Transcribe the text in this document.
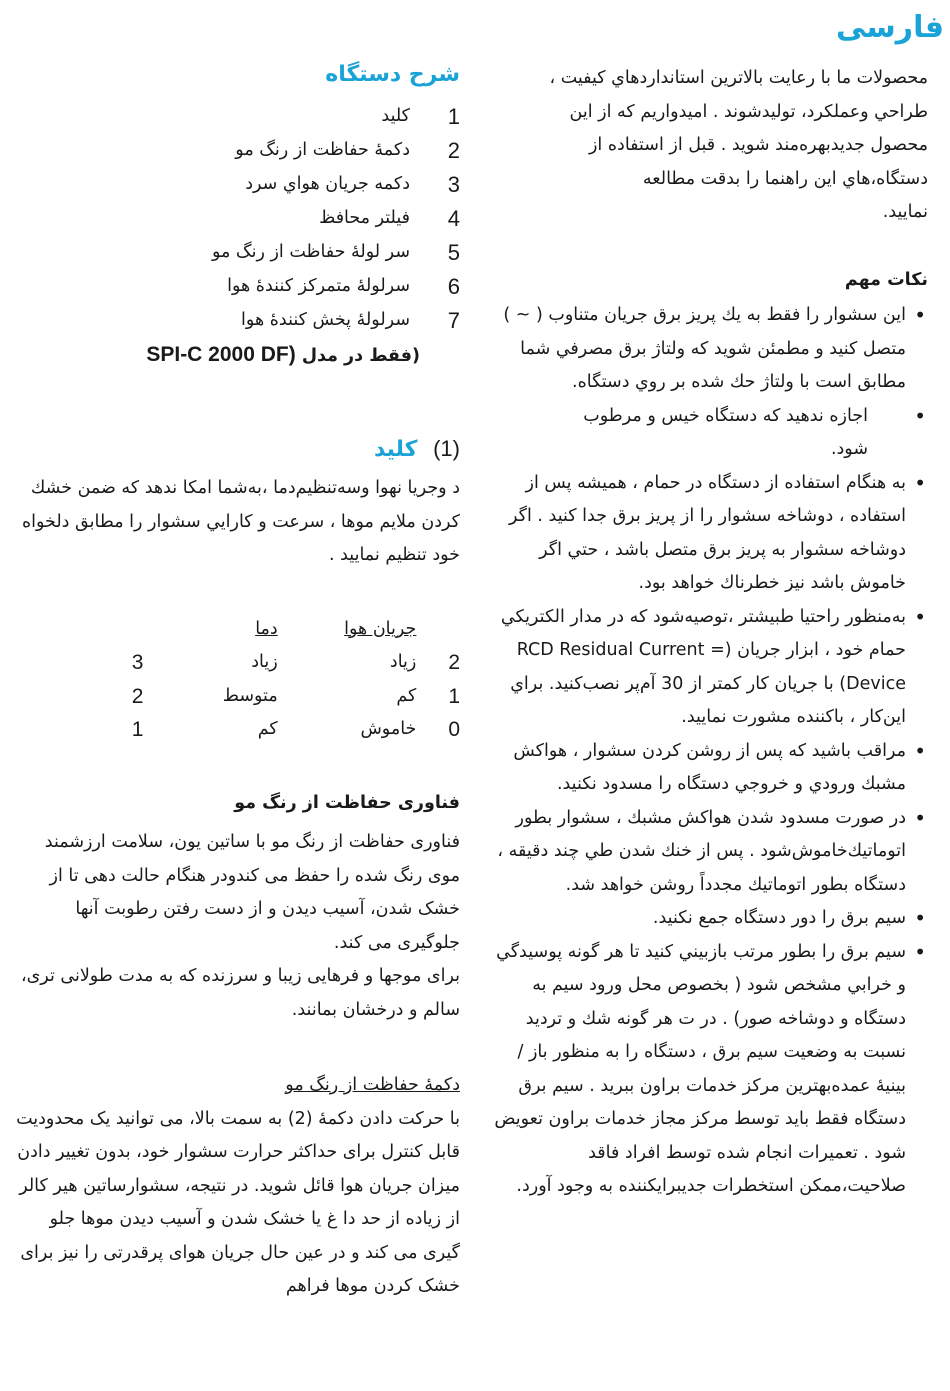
فارسی

محصولات ما با رعايت بالاترين استانداردهاي كيفيت ،

طراحي وعملكرد، توليدشوند . اميدواريم كه از اين

محصول جديدبهره‌مند شويد . قبل از استفاده از

دستگاه،هاي اين راهنما را بدقت مطالعه

نماييد.

نكات مهم
• اين سشوار را فقط به يك پريز برق جريان متناوب ( ~ ) متصل كنيد و مطمئن شويد كه ولتاژ برق مصرفي شما مطابق است با ولتاژ حك شده بر روي دستگاه.
• اجازه ندهيد كه دستگاه خيس و مرطوب شود.
• به هنگام استفاده از دستگاه در حمام ، هميشه پس از استفاده ، دوشاخه سشوار را از پريز برق جدا كنيد . اگر دوشاخه سشوار به پريز برق متصل باشد ، حتي اگر خاموش باشد نيز خطرناك خواهد بود.
• به‌منظور راحتيا طبيشتر ،توصيه‌شود كه در مدار الكتريكي حمام خود ، ابزار جريان (= RCD Residual Current Device) با جريان كار كمتر از 30 آم‌پر نصب‌كنيد. براي اين‌كار ، باكننده مشورت نماييد.
• مراقب باشيد كه پس از روشن كردن سشوار ، هواكش مشبك ورودي و خروجي دستگاه را مسدود نكنيد.
• در صورت مسدود شدن هواكش مشبك ، سشوار بطور اتوماتيك‌خاموش‌شود . پس از خنك شدن طي چند دقيقه ، دستگاه بطور اتوماتيك مجدداً روشن خواهد شد.
• سيم برق را دور دستگاه جمع نكنيد.
• سيم برق را بطور مرتب بازبيني كنيد تا هر گونه پوسيدگي و خرابي مشخص شود ( بخصوص محل ورود سيم به دستگاه و دوشاخه صور) . در ت هر گونه شك و ترديد نسبت به وضعيت سيم برق ، دستگاه را به منظور باز / بينيۀ‌ عمده‌بهترين مركز خدمات براون ببريد . سيم برق دستگاه فقط بايد توسط مركز مجاز خدمات براون تعويض شود . تعميرات انجام شده توسط افراد فاقد صلاحيت،ممكن استخطرات جديبرايكننده به وجود آورد.
شرح دستگاه
1
كليد
2
دكمۀ حفاظت از رنگ مو
3
دكمه جريان هواي سرد
4
فيلتر محافظ
5
سر لولۀ حفاظت از رنگ مو
6
سرلولۀ متمركز كنندۀ هوا
7
سرلولۀ پخش كنندۀ هوا
(فقط در مدل SPI-C 2000 DF)
(1) كليد
د وجريا نهوا وسه‌تنظيم‌دما ،به‌شما امكا ندهد كه ضمن خشك كردن ملايم موها ، سرعت و كارايي سشوار را مطابق دلخواه خود تنظيم نماييد .
	جريان هوا	دما	
2	زياد	زياد	3
1	كم	متوسط	2
0	خاموش	كم	1
فناوری حفاظت از رنگ مو
فناوری حفاظت از رنگ مو با ساتین یون، سلامت ارزشمند موی رنگ شده را حفظ می کندودر هنگام حالت دهی تا از خشک شدن، آسیب دیدن و از دست رفتن رطوبت آنها جلوگیری می کند.
برای موجها و فرهایی زیبا و سرزنده که به مدت طولانی تری، سالم و درخشان بمانند.
دكمۀ حفاظت از رنگ مو
با حرکت دادن دکمۀ (2) به سمت بالا، می توانید یک محدودیت قابل کنترل برای حداکثر حرارت سشوار خود، بدون تغییر دادن میزان جریان هوا قائل شوید. در نتیجه، سشوارساتین هیر کالر از زیاده از حد دا غ یا خشک شدن و آسیب دیدن موها جلو گیری می کند و در عین حال جریان هوای پرقدرتی را نیز برای خشک کردن موها فراهم
